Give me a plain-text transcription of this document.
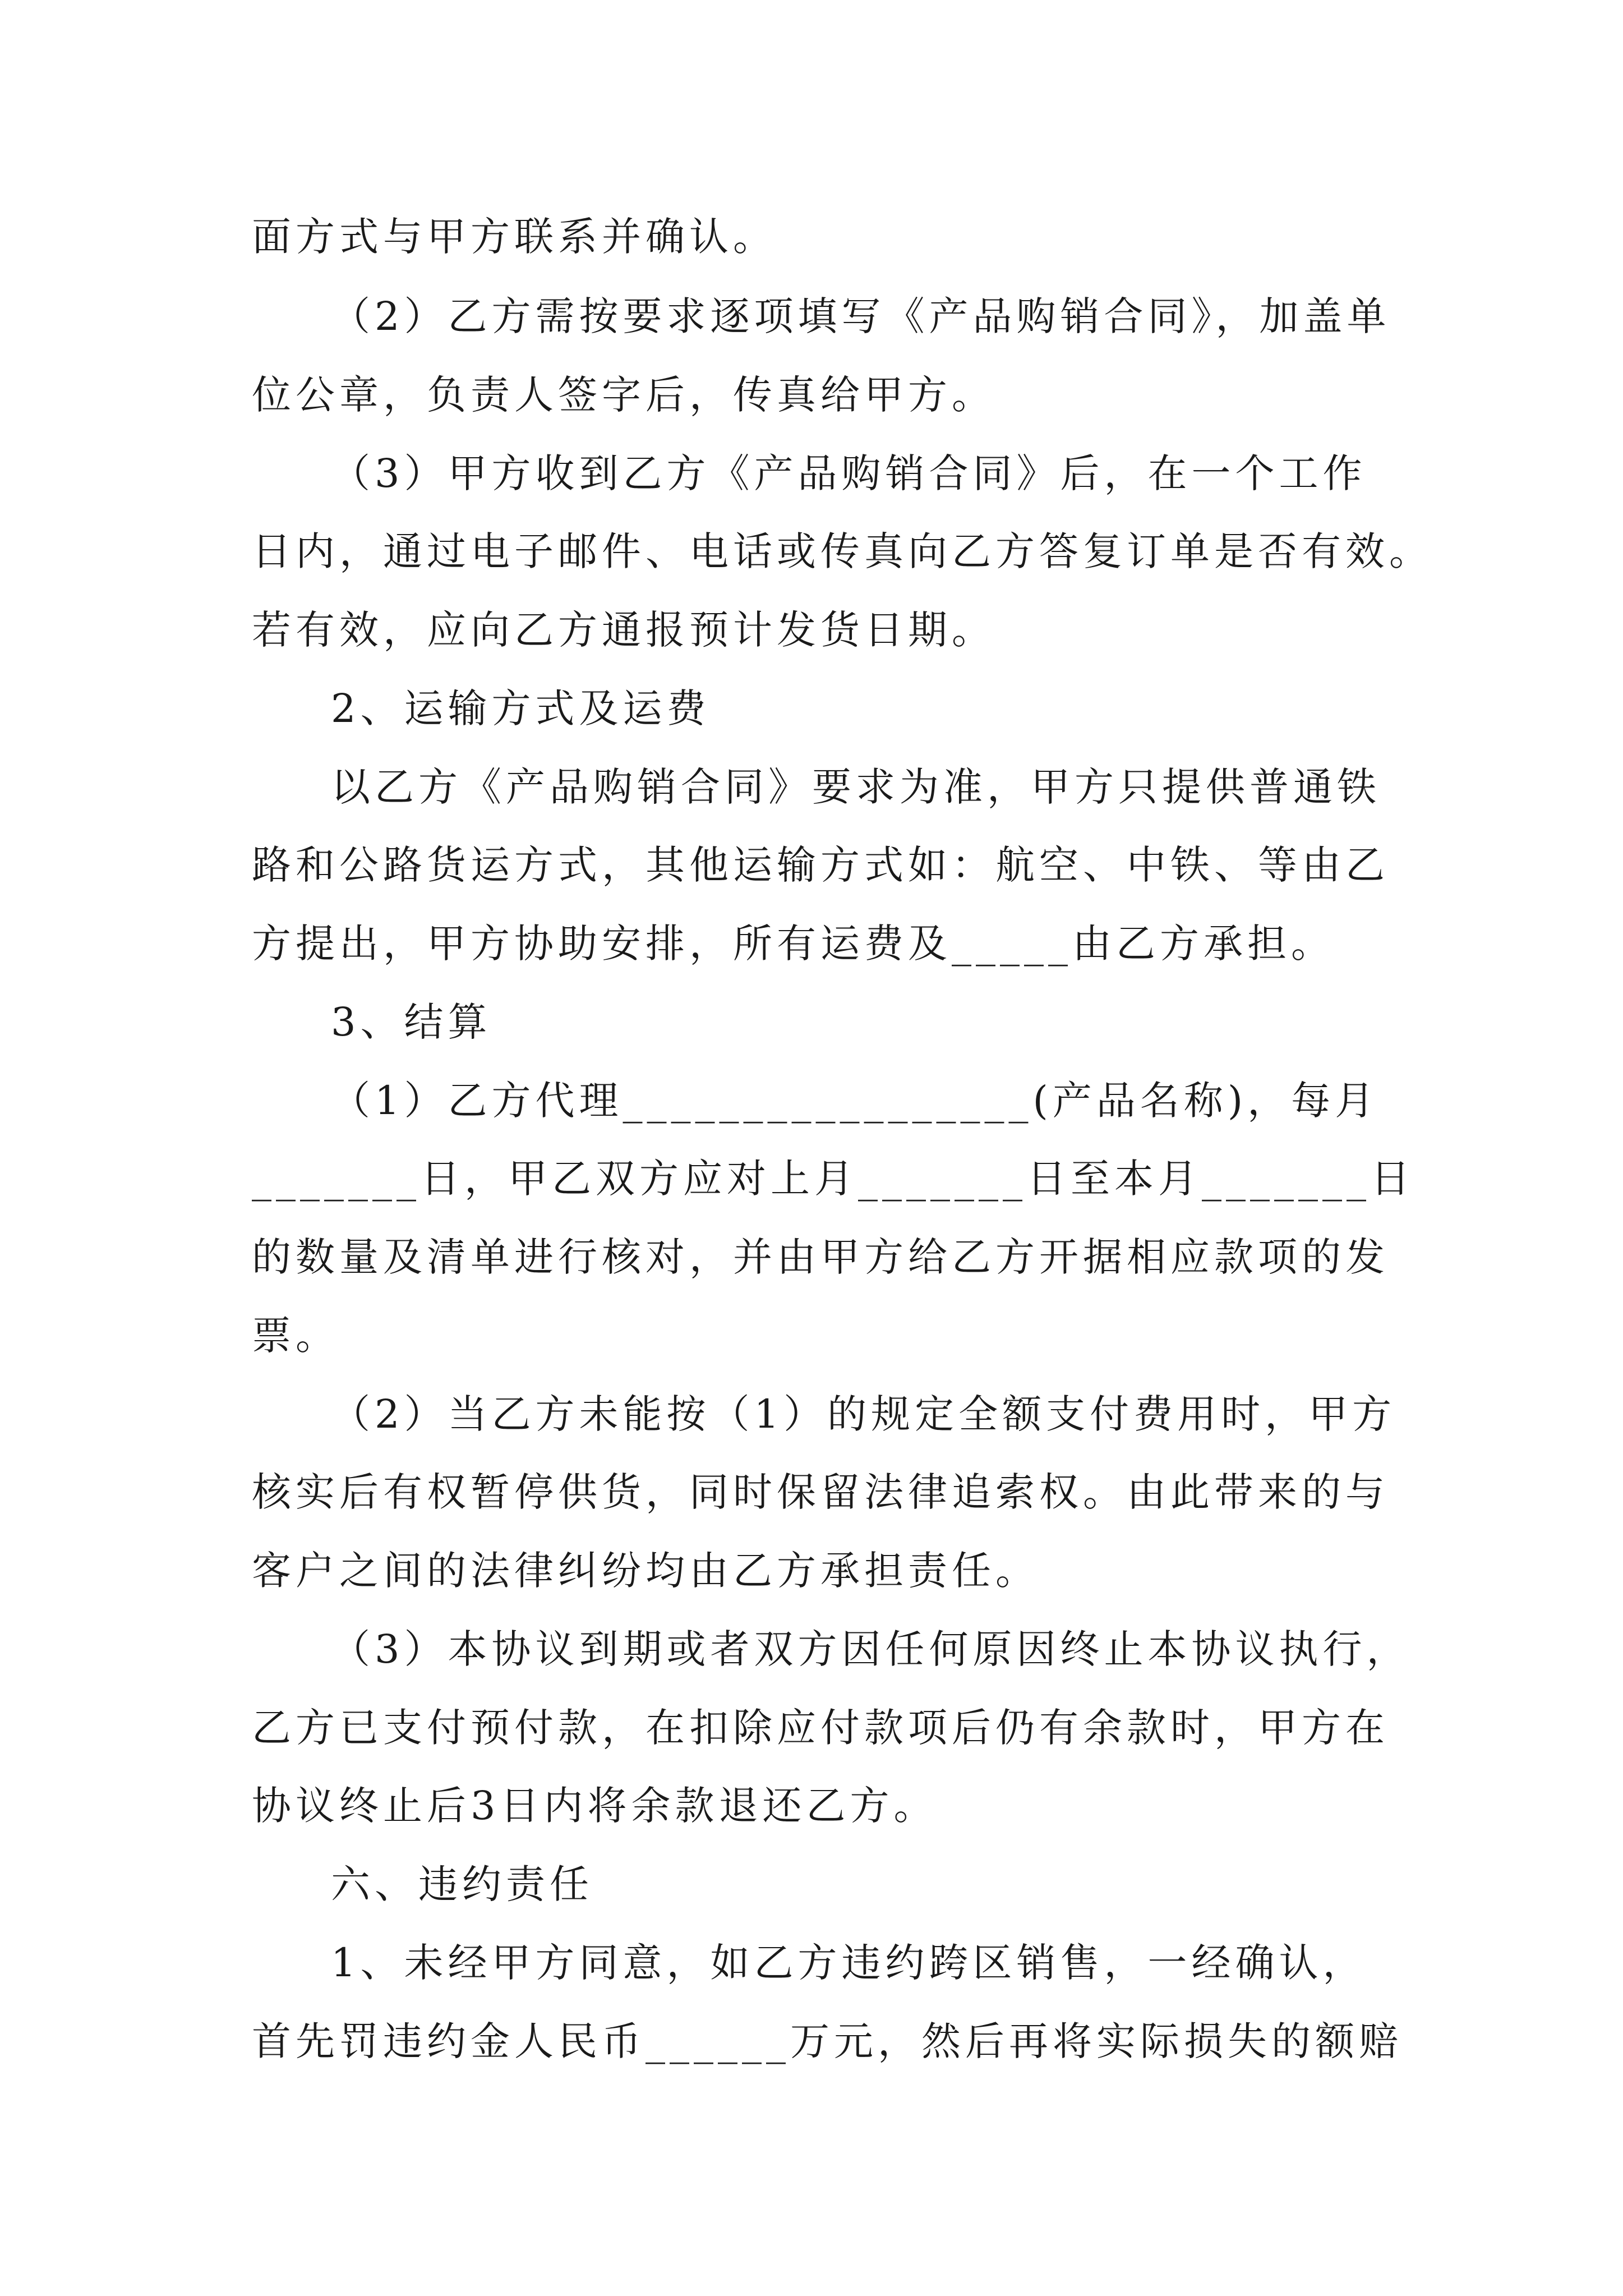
面方式与甲方联系并确认。
（2）乙方需按要求逐项填写《产品购销合同》，加盖单
位公章，负责人签字后，传真给甲方。
（3）甲方收到乙方《产品购销合同》后，在一个工作
日内，通过电子邮件、电话或传真向乙方答复订单是否有效。
若有效，应向乙方通报预计发货日期。
2、运输方式及运费
以乙方《产品购销合同》要求为准，甲方只提供普通铁
路和公路货运方式，其他运输方式如：航空、中铁、等由乙
方提出，甲方协助安排，所有运费及_____由乙方承担。
3、结算
（1）乙方代理_________________(产品名称)，每月
_______日，甲乙双方应对上月_______日至本月_______日
的数量及清单进行核对，并由甲方给乙方开据相应款项的发
票。
（2）当乙方未能按（1）的规定全额支付费用时，甲方
核实后有权暂停供货，同时保留法律追索权。由此带来的与
客户之间的法律纠纷均由乙方承担责任。
（3）本协议到期或者双方因任何原因终止本协议执行，
乙方已支付预付款，在扣除应付款项后仍有余款时，甲方在
协议终止后3日内将余款退还乙方。
六、违约责任
1、未经甲方同意，如乙方违约跨区销售，一经确认，
首先罚违约金人民币______万元，然后再将实际损失的额赔
